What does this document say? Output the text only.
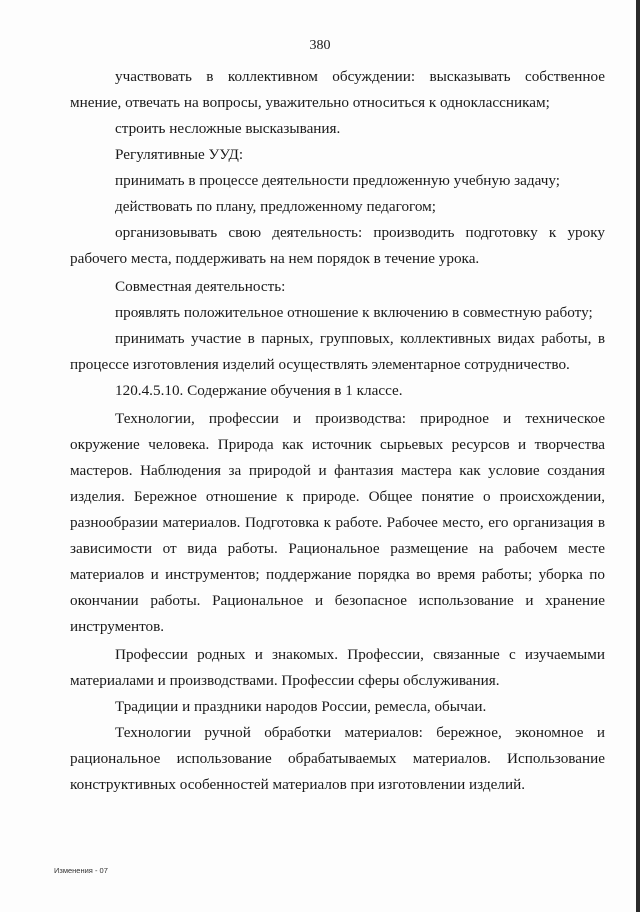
380

участвовать в коллективном обсуждении: высказывать собственное мнение, отвечать на вопросы, уважительно относиться к одноклассникам;

строить несложные высказывания.

Регулятивные УУД:

принимать в процессе деятельности предложенную учебную задачу;

действовать по плану, предложенному педагогом;

организовывать свою деятельность: производить подготовку к уроку рабочего места, поддерживать на нем порядок в течение урока.

Совместная деятельность:

проявлять положительное отношение к включению в совместную работу;

принимать участие в парных, групповых, коллективных видах работы, в процессе изготовления изделий осуществлять элементарное сотрудничество.

120.4.5.10. Содержание обучения в 1 классе.

Технологии, профессии и производства: природное и техническое окружение человека. Природа как источник сырьевых ресурсов и творчества мастеров. Наблюдения за природой и фантазия мастера как условие создания изделия. Бережное отношение к природе. Общее понятие о происхождении, разнообразии материалов. Подготовка к работе. Рабочее место, его организация в зависимости от вида работы. Рациональное размещение на рабочем месте материалов и инструментов; поддержание порядка во время работы; уборка по окончании работы. Рациональное и безопасное использование и хранение инструментов.

Профессии родных и знакомых. Профессии, связанные с изучаемыми материалами и производствами. Профессии сферы обслуживания.

Традиции и праздники народов России, ремесла, обычаи.

Технологии ручной обработки материалов: бережное, экономное и рациональное использование обрабатываемых материалов. Использование конструктивных особенностей материалов при изготовлении изделий.

Изменения - 07
